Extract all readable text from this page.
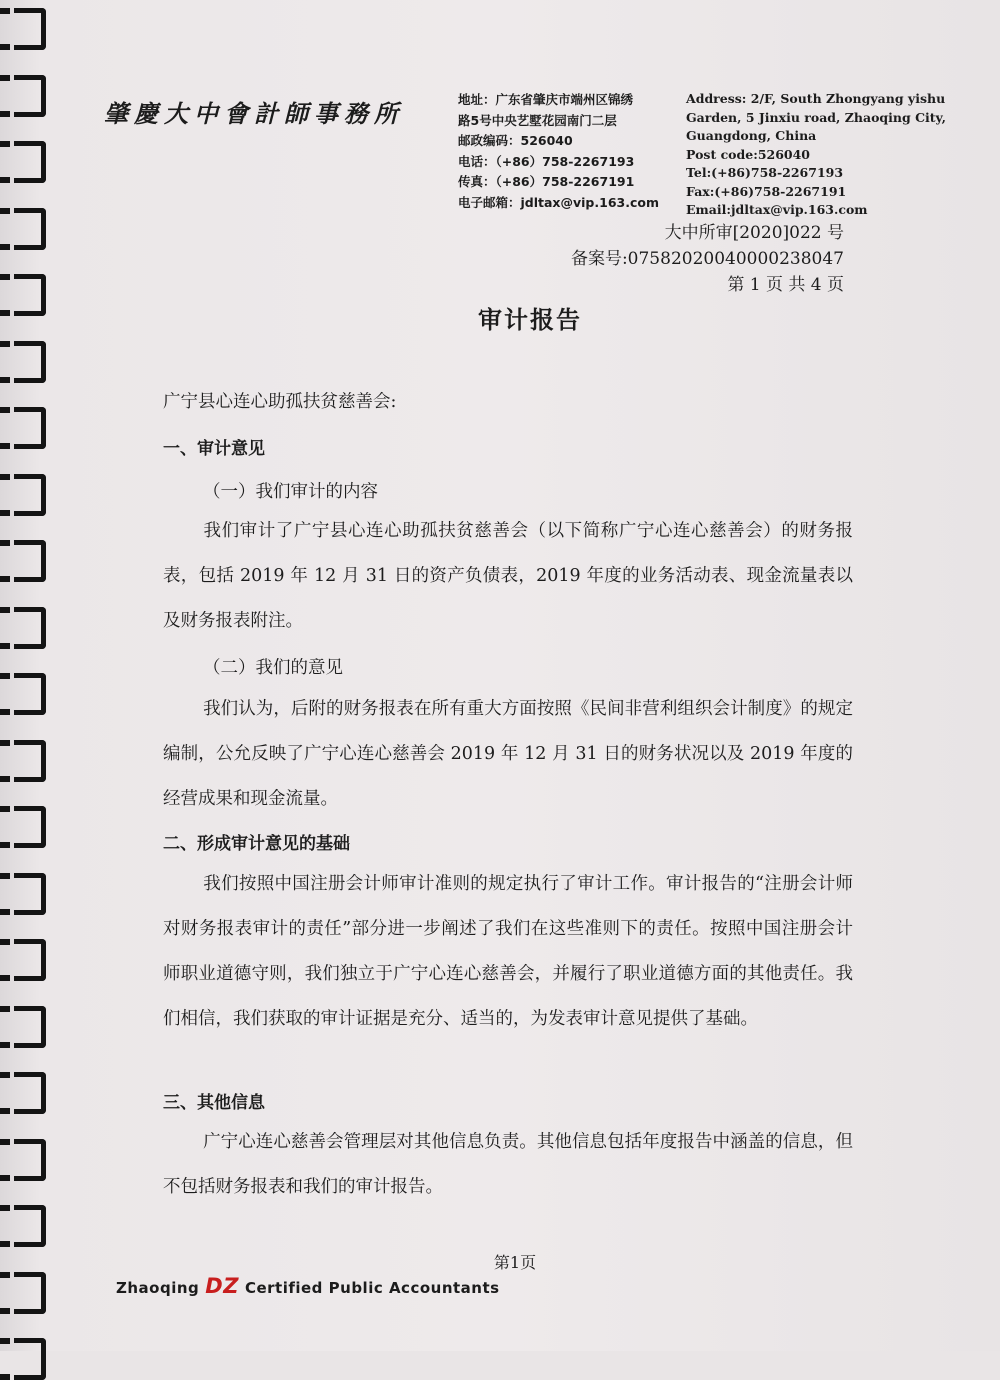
肇慶大中會計師事務所	地址：广东省肇庆市端州区锦绣
路5号中央艺墅花园南门二层
邮政编码：526040
电话：（+86）758-2267193
传真：（+86）758-2267191
电子邮箱：jdltax@vip.163.com
Address: 2/F, South Zhongyang yishu
Garden, 5 Jinxiu road, Zhaoqing City,
Guangdong, China
Post code:526040
Tel:(+86)758-2267193
Fax:(+86)758-2267191
Email:jdltax@vip.163.com
大中所审[2020]022 号
备案号:07582020040000238047
第 1 页 共 4 页
审计报告
广宁县心连心助孤扶贫慈善会:
一、审计意见
（一）我们审计的内容
我们审计了广宁县心连心助孤扶贫慈善会（以下简称广宁心连心慈善会）的财务报表，包括 2019 年 12 月 31 日的资产负债表，2019 年度的业务活动表、现金流量表以及财务报表附注。
（二）我们的意见
我们认为，后附的财务报表在所有重大方面按照《民间非营利组织会计制度》的规定编制，公允反映了广宁心连心慈善会 2019 年 12 月 31 日的财务状况以及 2019 年度的经营成果和现金流量。
二、形成审计意见的基础
我们按照中国注册会计师审计准则的规定执行了审计工作。审计报告的“注册会计师对财务报表审计的责任”部分进一步阐述了我们在这些准则下的责任。按照中国注册会计师职业道德守则，我们独立于广宁心连心慈善会，并履行了职业道德方面的其他责任。我们相信，我们获取的审计证据是充分、适当的，为发表审计意见提供了基础。
三、其他信息
广宁心连心慈善会管理层对其他信息负责。其他信息包括年度报告中涵盖的信息，但不包括财务报表和我们的审计报告。
第1页
Zhaoqing DZ Certified Public Accountants
